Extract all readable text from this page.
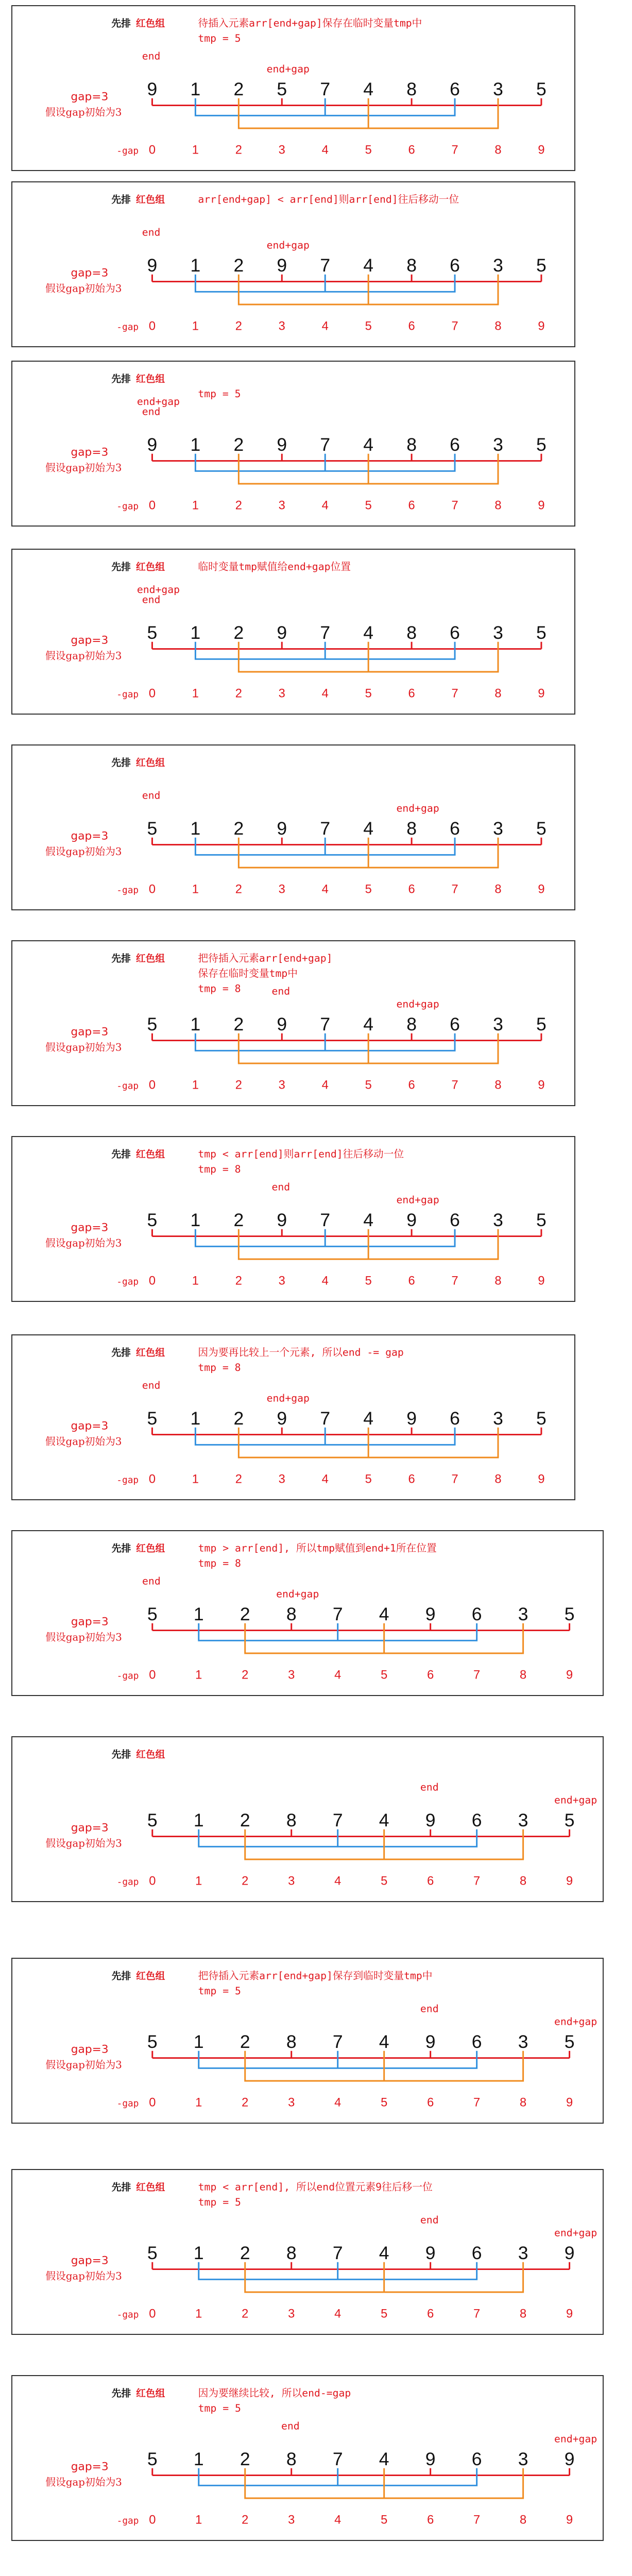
先排 红色组	待插入元素arr[end+gap]保存在临时变量tmp中
tmp = 5
gap=3
假设gap初始为3
end
end+gap
9 1 2 5 7 4 8 6 3 5
-gap 0	1	2	3	4	5	6	7	8	9
先排 红色组	arr[end+gap] < arr[end]则arr[end]往后移动一位
gap=3
假设gap初始为3
end
end+gap
9 1 2 9 7 4 8 6 3 5
-gap 0	1	2	3	4	5	6	7	8	9
先排 红色组
tmp = 5
gap=3
假设gap初始为3
end
end+gap
9 1 2 9 7 4 8 6 3 5
-gap 0	1	2	3	4	5	6	7	8	9
先排 红色组	临时变量tmp赋值给end+gap位置
gap=3
假设gap初始为3
end
end+gap
5 1 2 9 7 4 8 6 3 5
-gap 0	1	2	3	4	5	6	7	8	9
先排 红色组
gap=3
假设gap初始为3
end
end+gap
5 1 2 9 7 4 8 6 3 5
-gap 0	1	2	3	4	5	6	7	8	9
先排 红色组	把待插入元素arr[end+gap]
保存在临时变量tmp中
tmp = 8
gap=3
假设gap初始为3
end
end+gap
5 1 2 9 7 4 8 6 3 5
-gap 0	1	2	3	4	5	6	7	8	9
先排 红色组	tmp < arr[end]则arr[end]往后移动一位
tmp = 8
gap=3
假设gap初始为3
end
end+gap
5 1 2 9 7 4 9 6 3 5
-gap 0	1	2	3	4	5	6	7	8	9
先排 红色组	因为要再比较上一个元素, 所以end -= gap
tmp = 8
gap=3
假设gap初始为3
end
end+gap
5 1 2 9 7 4 9 6 3 5
-gap 0	1	2	3	4	5	6	7	8	9
先排 红色组	tmp > arr[end], 所以tmp赋值到end+1所在位置
tmp = 8
gap=3
假设gap初始为3
end
end+gap
5 1 2 8 7 4 9 6 3 5
-gap 0	1	2	3	4	5	6	7	8	9
先排 红色组
gap=3
假设gap初始为3
end
end+gap
5 1 2 8 7 4 9 6 3 5
-gap 0	1	2	3	4	5	6	7	8	9
先排 红色组	把待插入元素arr[end+gap]保存到临时变量tmp中
tmp = 5
gap=3
假设gap初始为3
end
end+gap
5 1 2 8 7 4 9 6 3 5
-gap 0	1	2	3	4	5	6	7	8	9
先排 红色组	tmp < arr[end], 所以end位置元素9往后移一位
tmp = 5
gap=3
假设gap初始为3
end
end+gap
5 1 2 8 7 4 9 6 3 9
-gap 0	1	2	3	4	5	6	7	8	9
先排 红色组	因为要继续比较, 所以end-=gap
tmp = 5
gap=3
假设gap初始为3
end
end+gap
5 1 2 8 7 4 9 6 3 9
-gap 0	1	2	3	4	5	6	7	8	9
